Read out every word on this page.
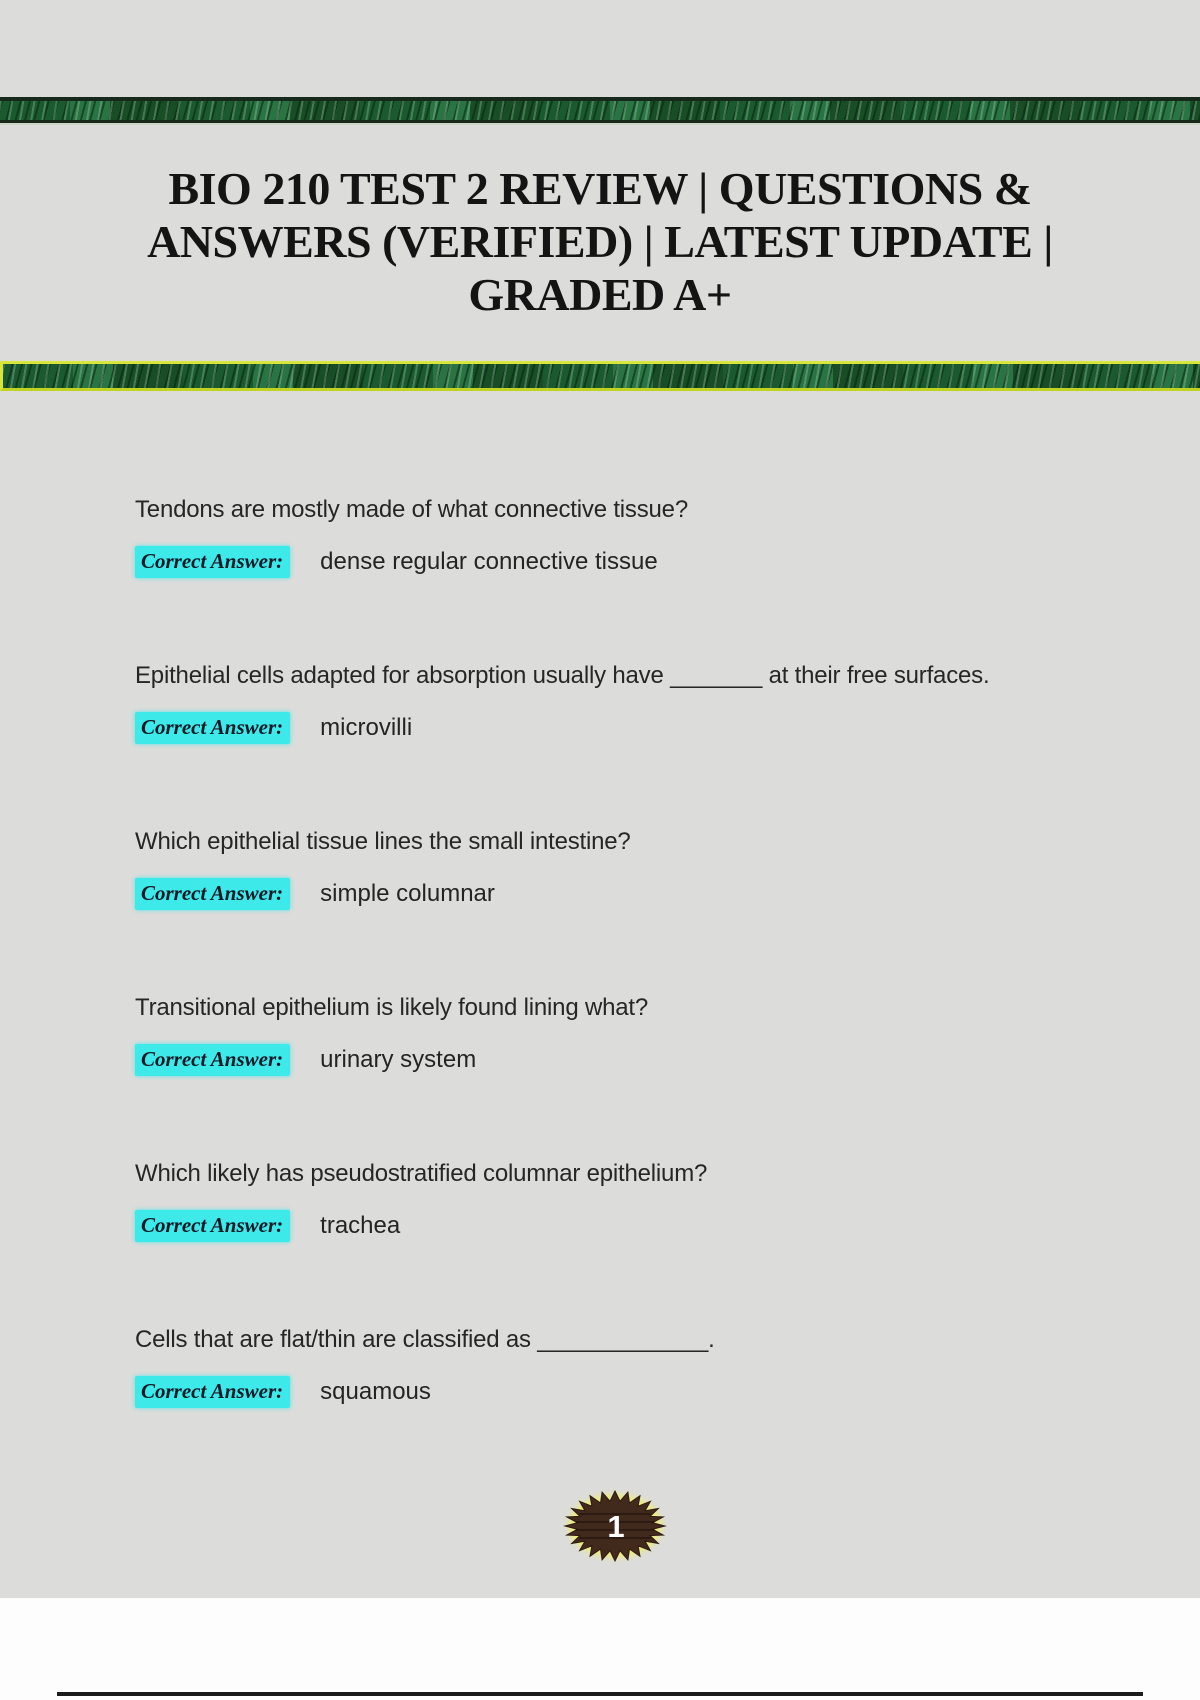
BIO 210 TEST 2 REVIEW | QUESTIONS &
ANSWERS (VERIFIED) | LATEST UPDATE |
GRADED A+

Tendons are mostly made of what connective tissue?

Correct Answer: dense regular connective tissue

Epithelial cells adapted for absorption usually have _______ at their free surfaces.

Correct Answer: microvilli

Which epithelial tissue lines the small intestine?

Correct Answer: simple columnar

Transitional epithelium is likely found lining what?

Correct Answer: urinary system

Which likely has pseudostratified columnar epithelium?

Correct Answer: trachea

Cells that are flat/thin are classified as _____________.

Correct Answer: squamous
1
